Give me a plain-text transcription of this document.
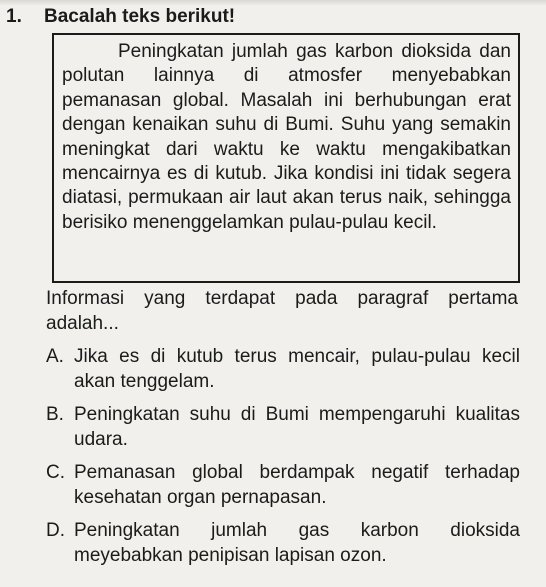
1. Bacalah teks berikut!

Peningkatan jumlah gas karbon dioksida dan polutan lainnya di atmosfer menyebabkan pemanasan global. Masalah ini berhubungan erat dengan kenaikan suhu di Bumi. Suhu yang semakin meningkat dari waktu ke waktu mengakibatkan mencairnya es di kutub. Jika kondisi ini tidak segera diatasi, permukaan air laut akan terus naik, sehingga berisiko menenggelamkan pulau-pulau kecil.

Informasi yang terdapat pada paragraf pertama adalah...

A. Jika es di kutub terus mencair, pulau-pulau kecil akan tenggelam.
B. Peningkatan suhu di Bumi mempengaruhi kualitas udara.
C. Pemanasan global berdampak negatif terhadap kesehatan organ pernapasan.
D. Peningkatan jumlah gas karbon dioksida meyebabkan penipisan lapisan ozon.
